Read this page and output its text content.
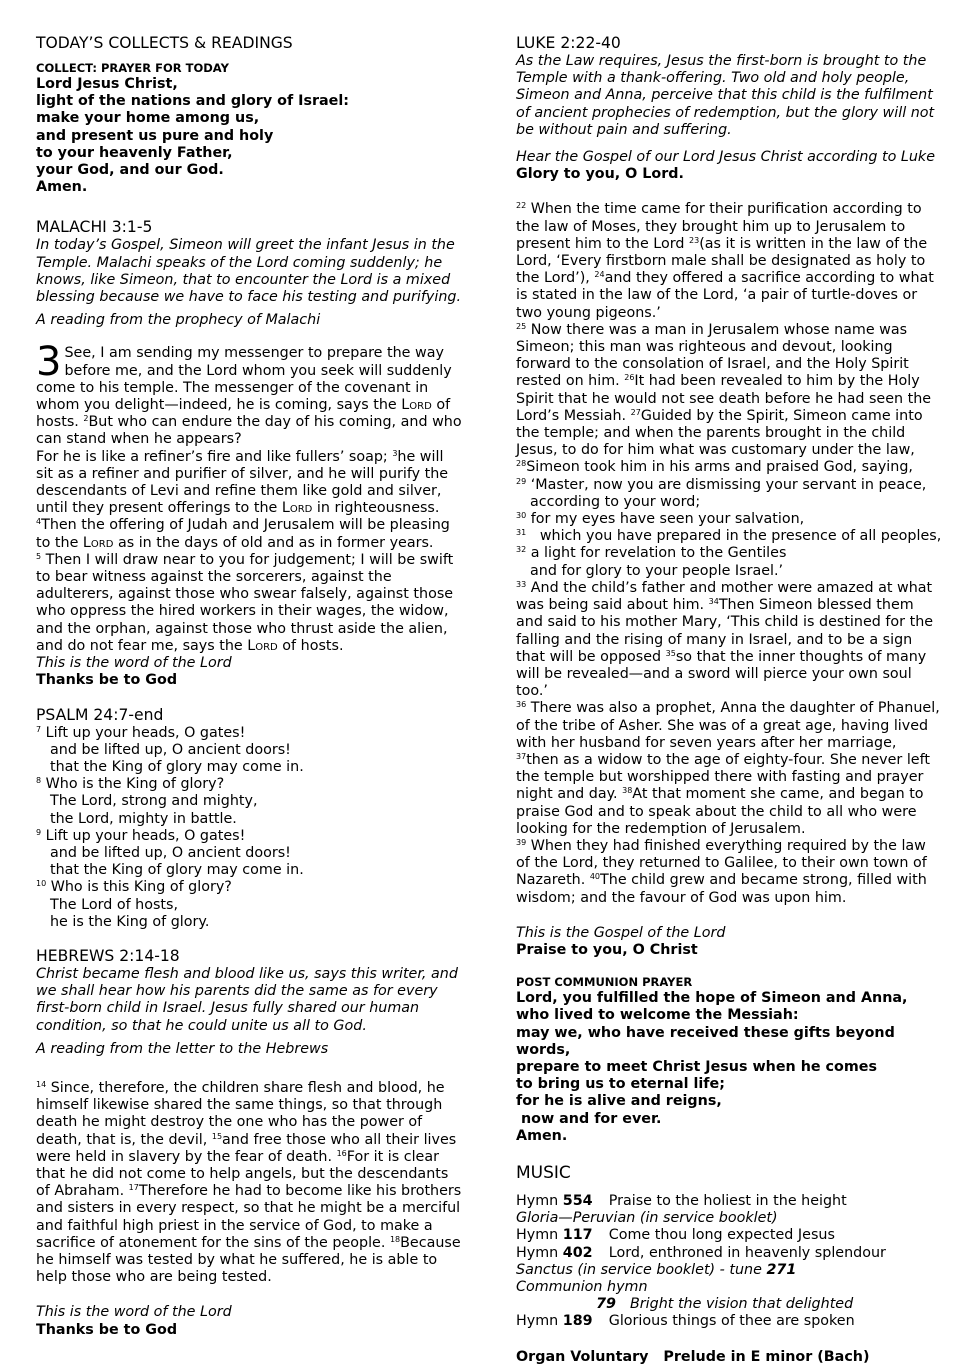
TODAY’S COLLECTS & READINGS
COLLECT: PRAYER FOR TODAY

Lord Jesus Christ,

light of the nations and glory of Israel:

make your home among us,

and present us pure and holy

to your heavenly Father,

your God, and our God.

Amen.

MALACHI 3:1-5

In today’s Gospel, Simeon will greet the infant Jesus in the Temple. Malachi speaks of the Lord coming suddenly; he knows, like Simeon, that to encounter the Lord is a mixed blessing because we have to face his testing and purifying.

A reading from the prophecy of Malachi

3 See, I am sending my messenger to prepare the way before me, and the Lord whom you seek will suddenly come to his temple. The messenger of the covenant in whom you delight—indeed, he is coming, says the Lord of hosts. $^2$But who can endure the day of his coming, and who can stand when he appears?

For he is like a refiner’s fire and like fullers’ soap; $^3$he will sit as a refiner and purifier of silver, and he will purify the descendants of Levi and refine them like gold and silver, until they present offerings to the Lord in righteousness.

$^4$Then the offering of Judah and Jerusalem will be pleasing to the Lord as in the days of old and as in former years.

$^5$ Then I will draw near to you for judgement; I will be swift to bear witness against the sorcerers, against the adulterers, against those who swear falsely, against those who oppress the hired workers in their wages, the widow, and the orphan, against those who thrust aside the alien, and do not fear me, says the Lord of hosts.

This is the word of the Lord

Thanks be to God

PSALM 24:7-end

$^7$ Lift up your heads, O gates!

and be lifted up, O ancient doors!

that the King of glory may come in.

$^8$ Who is the King of glory?

The Lord, strong and mighty,

the Lord, mighty in battle.

$^9$ Lift up your heads, O gates!

and be lifted up, O ancient doors!

that the King of glory may come in.

$^{10}$ Who is this King of glory?

The Lord of hosts,

he is the King of glory.

HEBREWS 2:14-18

Christ became flesh and blood like us, says this writer, and we shall hear how his parents did the same as for every first-born child in Israel. Jesus fully shared our human condition, so that he could unite us all to God.

A reading from the letter to the Hebrews

$^{14}$ Since, therefore, the children share flesh and blood, he himself likewise shared the same things, so that through death he might destroy the one who has the power of death, that is, the devil, $^{15}$and free those who all their lives were held in slavery by the fear of death. $^{16}$For it is clear that he did not come to help angels, but the descendants of Abraham. $^{17}$Therefore he had to become like his brothers and sisters in every respect, so that he might be a merciful and faithful high priest in the service of God, to make a sacrifice of atonement for the sins of the people. $^{18}$Because he himself was tested by what he suffered, he is able to help those who are being tested.

This is the word of the Lord

Thanks be to God

LUKE 2:22-40

As the Law requires, Jesus the first-born is brought to the Temple with a thank-offering. Two old and holy people, Simeon and Anna, perceive that this child is the fulfilment of ancient prophecies of redemption, but the glory will not be without pain and suffering.

Hear the Gospel of our Lord Jesus Christ according to Luke

Glory to you, O Lord.

$^{22}$ When the time came for their purification according to the law of Moses, they brought him up to Jerusalem to present him to the Lord $^{23}$(as it is written in the law of the Lord, ‘Every firstborn male shall be designated as holy to the Lord’), $^{24}$and they offered a sacrifice according to what is stated in the law of the Lord, ‘a pair of turtle-doves or two young pigeons.’

$^{25}$ Now there was a man in Jerusalem whose name was Simeon; this man was righteous and devout, looking forward to the consolation of Israel, and the Holy Spirit rested on him. $^{26}$It had been revealed to him by the Holy Spirit that he would not see death before he had seen the Lord’s Messiah. $^{27}$Guided by the Spirit, Simeon came into the temple; and when the parents brought in the child Jesus, to do for him what was customary under the law, $^{28}$Simeon took him in his arms and praised God, saying,

$^{29}$ ‘Master, now you are dismissing your servant in peace,

according to your word;

$^{30}$ for my eyes have seen your salvation,

$^{31}$   which you have prepared in the presence of all peoples,

$^{32}$ a light for revelation to the Gentiles

and for glory to your people Israel.’

$^{33}$ And the child’s father and mother were amazed at what was being said about him. $^{34}$Then Simeon blessed them and said to his mother Mary, ‘This child is destined for the falling and the rising of many in Israel, and to be a sign that will be opposed $^{35}$so that the inner thoughts of many will be revealed—and a sword will pierce your own soul too.’

$^{36}$ There was also a prophet, Anna the daughter of Phanuel, of the tribe of Asher. She was of a great age, having lived with her husband for seven years after her marriage, $^{37}$then as a widow to the age of eighty-four. She never left the temple but worshipped there with fasting and prayer night and day. $^{38}$At that moment she came, and began to praise God and to speak about the child to all who were looking for the redemption of Jerusalem.

$^{39}$ When they had finished everything required by the law of the Lord, they returned to Galilee, to their own town of Nazareth. $^{40}$The child grew and became strong, filled with wisdom; and the favour of God was upon him.

This is the Gospel of the Lord

Praise to you, O Christ

POST COMMUNION PRAYER

Lord, you fulfilled the hope of Simeon and Anna,

who lived to welcome the Messiah:

may we, who have received these gifts beyond words,

prepare to meet Christ Jesus when he comes

to bring us to eternal life;

for he is alive and reigns,

now and for ever.

Amen.

MUSIC

Hymn 554 Praise to the holiest in the height

Gloria—Peruvian (in service booklet)

Hymn 117 Come thou long expected Jesus

Hymn 402 Lord, enthroned in heavenly splendour

Sanctus (in service booklet) - tune 271

Communion hymn

79 Bright the vision that delighted

Hymn 189 Glorious things of thee are spoken

Organ Voluntary Prelude in E minor (Bach)
